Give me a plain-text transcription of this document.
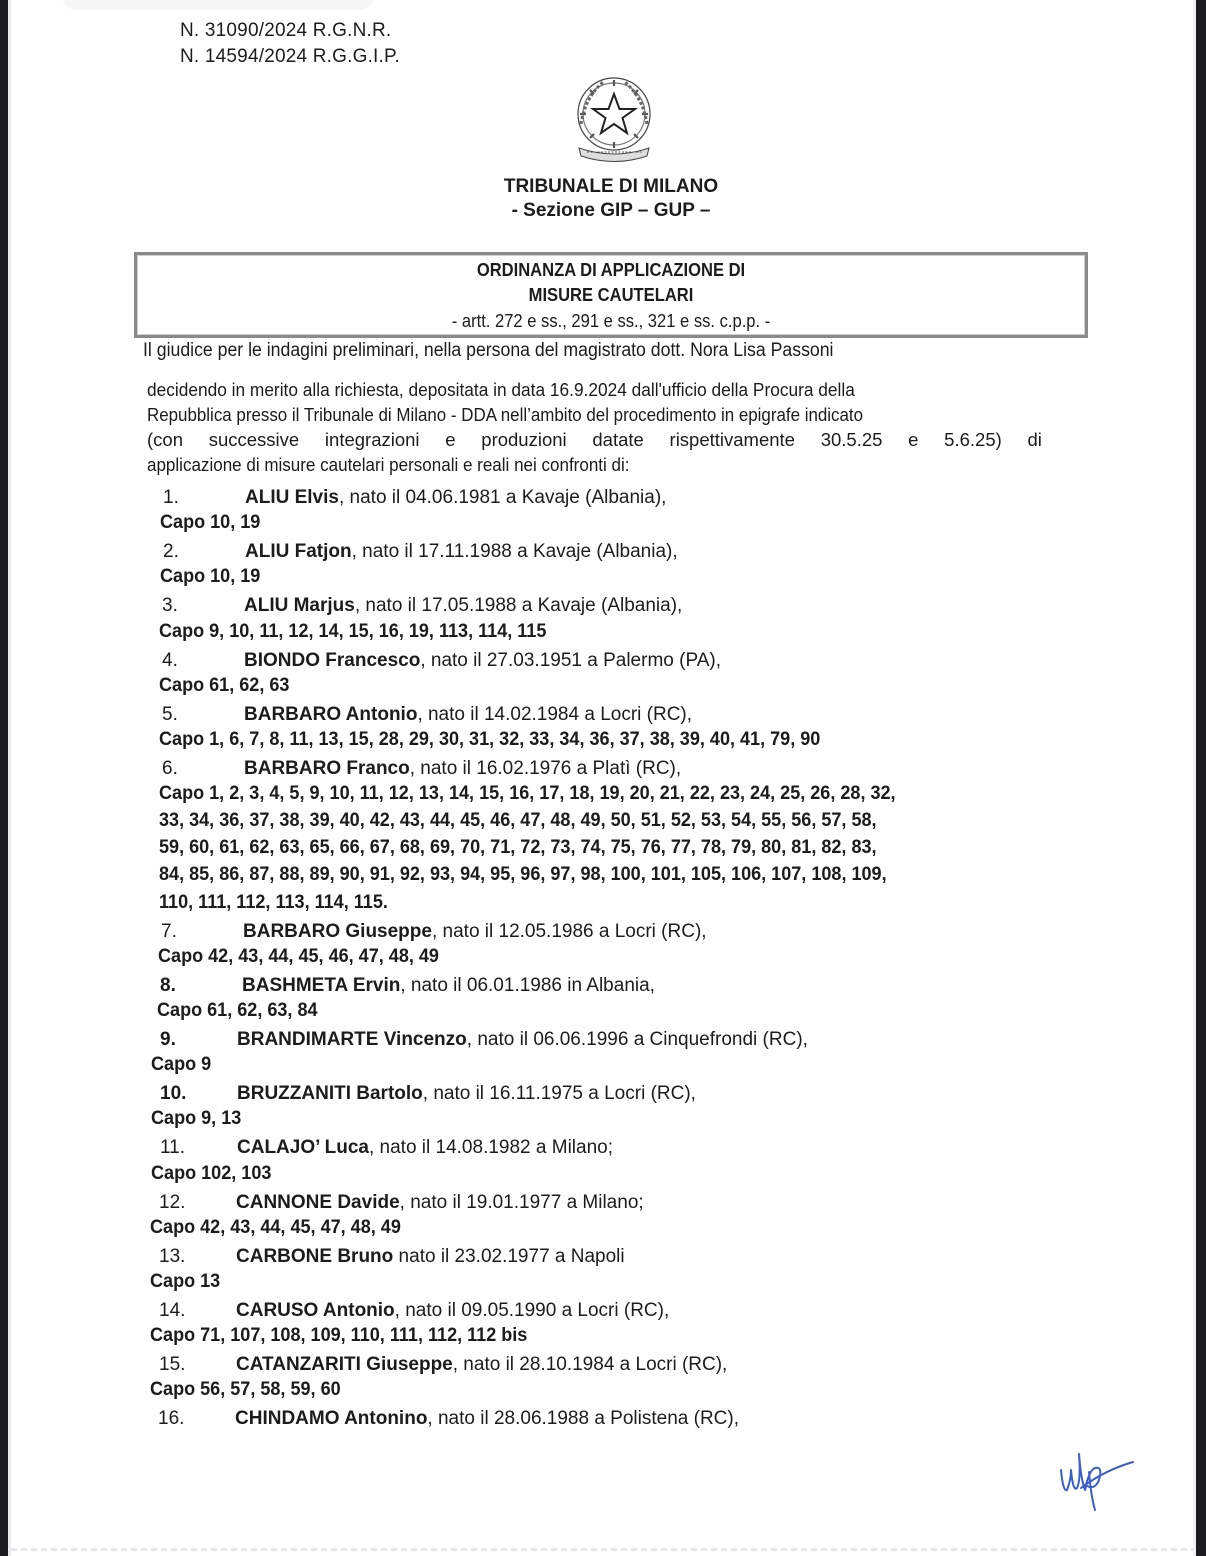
N. 31090/2024 R.G.N.R.
N. 14594/2024 R.G.G.I.P.
TRIBUNALE DI MILANO
- Sezione GIP – GUP –
ORDINANZA DI APPLICAZIONE DI
MISURE CAUTELARI
- artt. 272 e ss., 291 e ss., 321 e ss. c.p.p. -
Il giudice per le indagini preliminari, nella persona del magistrato dott. Nora Lisa Passoni
decidendo in merito alla richiesta, depositata in data 16.9.2024 dall'ufficio della Procura della
Repubblica presso il Tribunale di Milano - DDA nell’ambito del procedimento in epigrafe indicato
(con successive integrazioni e produzioni datate rispettivamente 30.5.25 e 5.6.25) di
applicazione di misure cautelari personali e reali nei confronti di:
1.	ALIU Elvis, nato il 04.06.1981 a Kavaje (Albania),
Capo 10, 19
2.	ALIU Fatjon, nato il 17.11.1988 a Kavaje (Albania),
Capo 10, 19
3.	ALIU Marjus, nato il 17.05.1988 a Kavaje (Albania),
Capo 9, 10, 11, 12, 14, 15, 16, 19, 113, 114, 115
4.	BIONDO Francesco, nato il 27.03.1951 a Palermo (PA),
Capo 61, 62, 63
5.	BARBARO Antonio, nato il 14.02.1984 a Locri (RC),
Capo 1, 6, 7, 8, 11, 13, 15, 28, 29, 30, 31, 32, 33, 34, 36, 37, 38, 39, 40, 41, 79, 90
6.	BARBARO Franco, nato il 16.02.1976 a Platì (RC),
Capo 1, 2, 3, 4, 5, 9, 10, 11, 12, 13, 14, 15, 16, 17, 18, 19, 20, 21, 22, 23, 24, 25, 26, 28, 32,
33, 34, 36, 37, 38, 39, 40, 42, 43, 44, 45, 46, 47, 48, 49, 50, 51, 52, 53, 54, 55, 56, 57, 58,
59, 60, 61, 62, 63, 65, 66, 67, 68, 69, 70, 71, 72, 73, 74, 75, 76, 77, 78, 79, 80, 81, 82, 83,
84, 85, 86, 87, 88, 89, 90, 91, 92, 93, 94, 95, 96, 97, 98, 100, 101, 105, 106, 107, 108, 109,
110, 111, 112, 113, 114, 115.
7.	BARBARO Giuseppe, nato il 12.05.1986 a Locri (RC),
Capo 42, 43, 44, 45, 46, 47, 48, 49
8.	BASHMETA Ervin, nato il 06.01.1986 in Albania,
Capo 61, 62, 63, 84
9.	BRANDIMARTE Vincenzo, nato il 06.06.1996 a Cinquefrondi (RC),
Capo 9
10.	BRUZZANITI Bartolo, nato il 16.11.1975 a Locri (RC),
Capo 9, 13
11.	CALAJO’ Luca, nato il 14.08.1982 a Milano;
Capo 102, 103
12.	CANNONE Davide, nato il 19.01.1977 a Milano;
Capo 42, 43, 44, 45, 47, 48, 49
13.	CARBONE Bruno nato il 23.02.1977 a Napoli
Capo 13
14.	CARUSO Antonio, nato il 09.05.1990 a Locri (RC),
Capo 71, 107, 108, 109, 110, 111, 112, 112 bis
15.	CATANZARITI Giuseppe, nato il 28.10.1984 a Locri (RC),
Capo 56, 57, 58, 59, 60
16.	CHINDAMO Antonino, nato il 28.06.1988 a Polistena (RC),
